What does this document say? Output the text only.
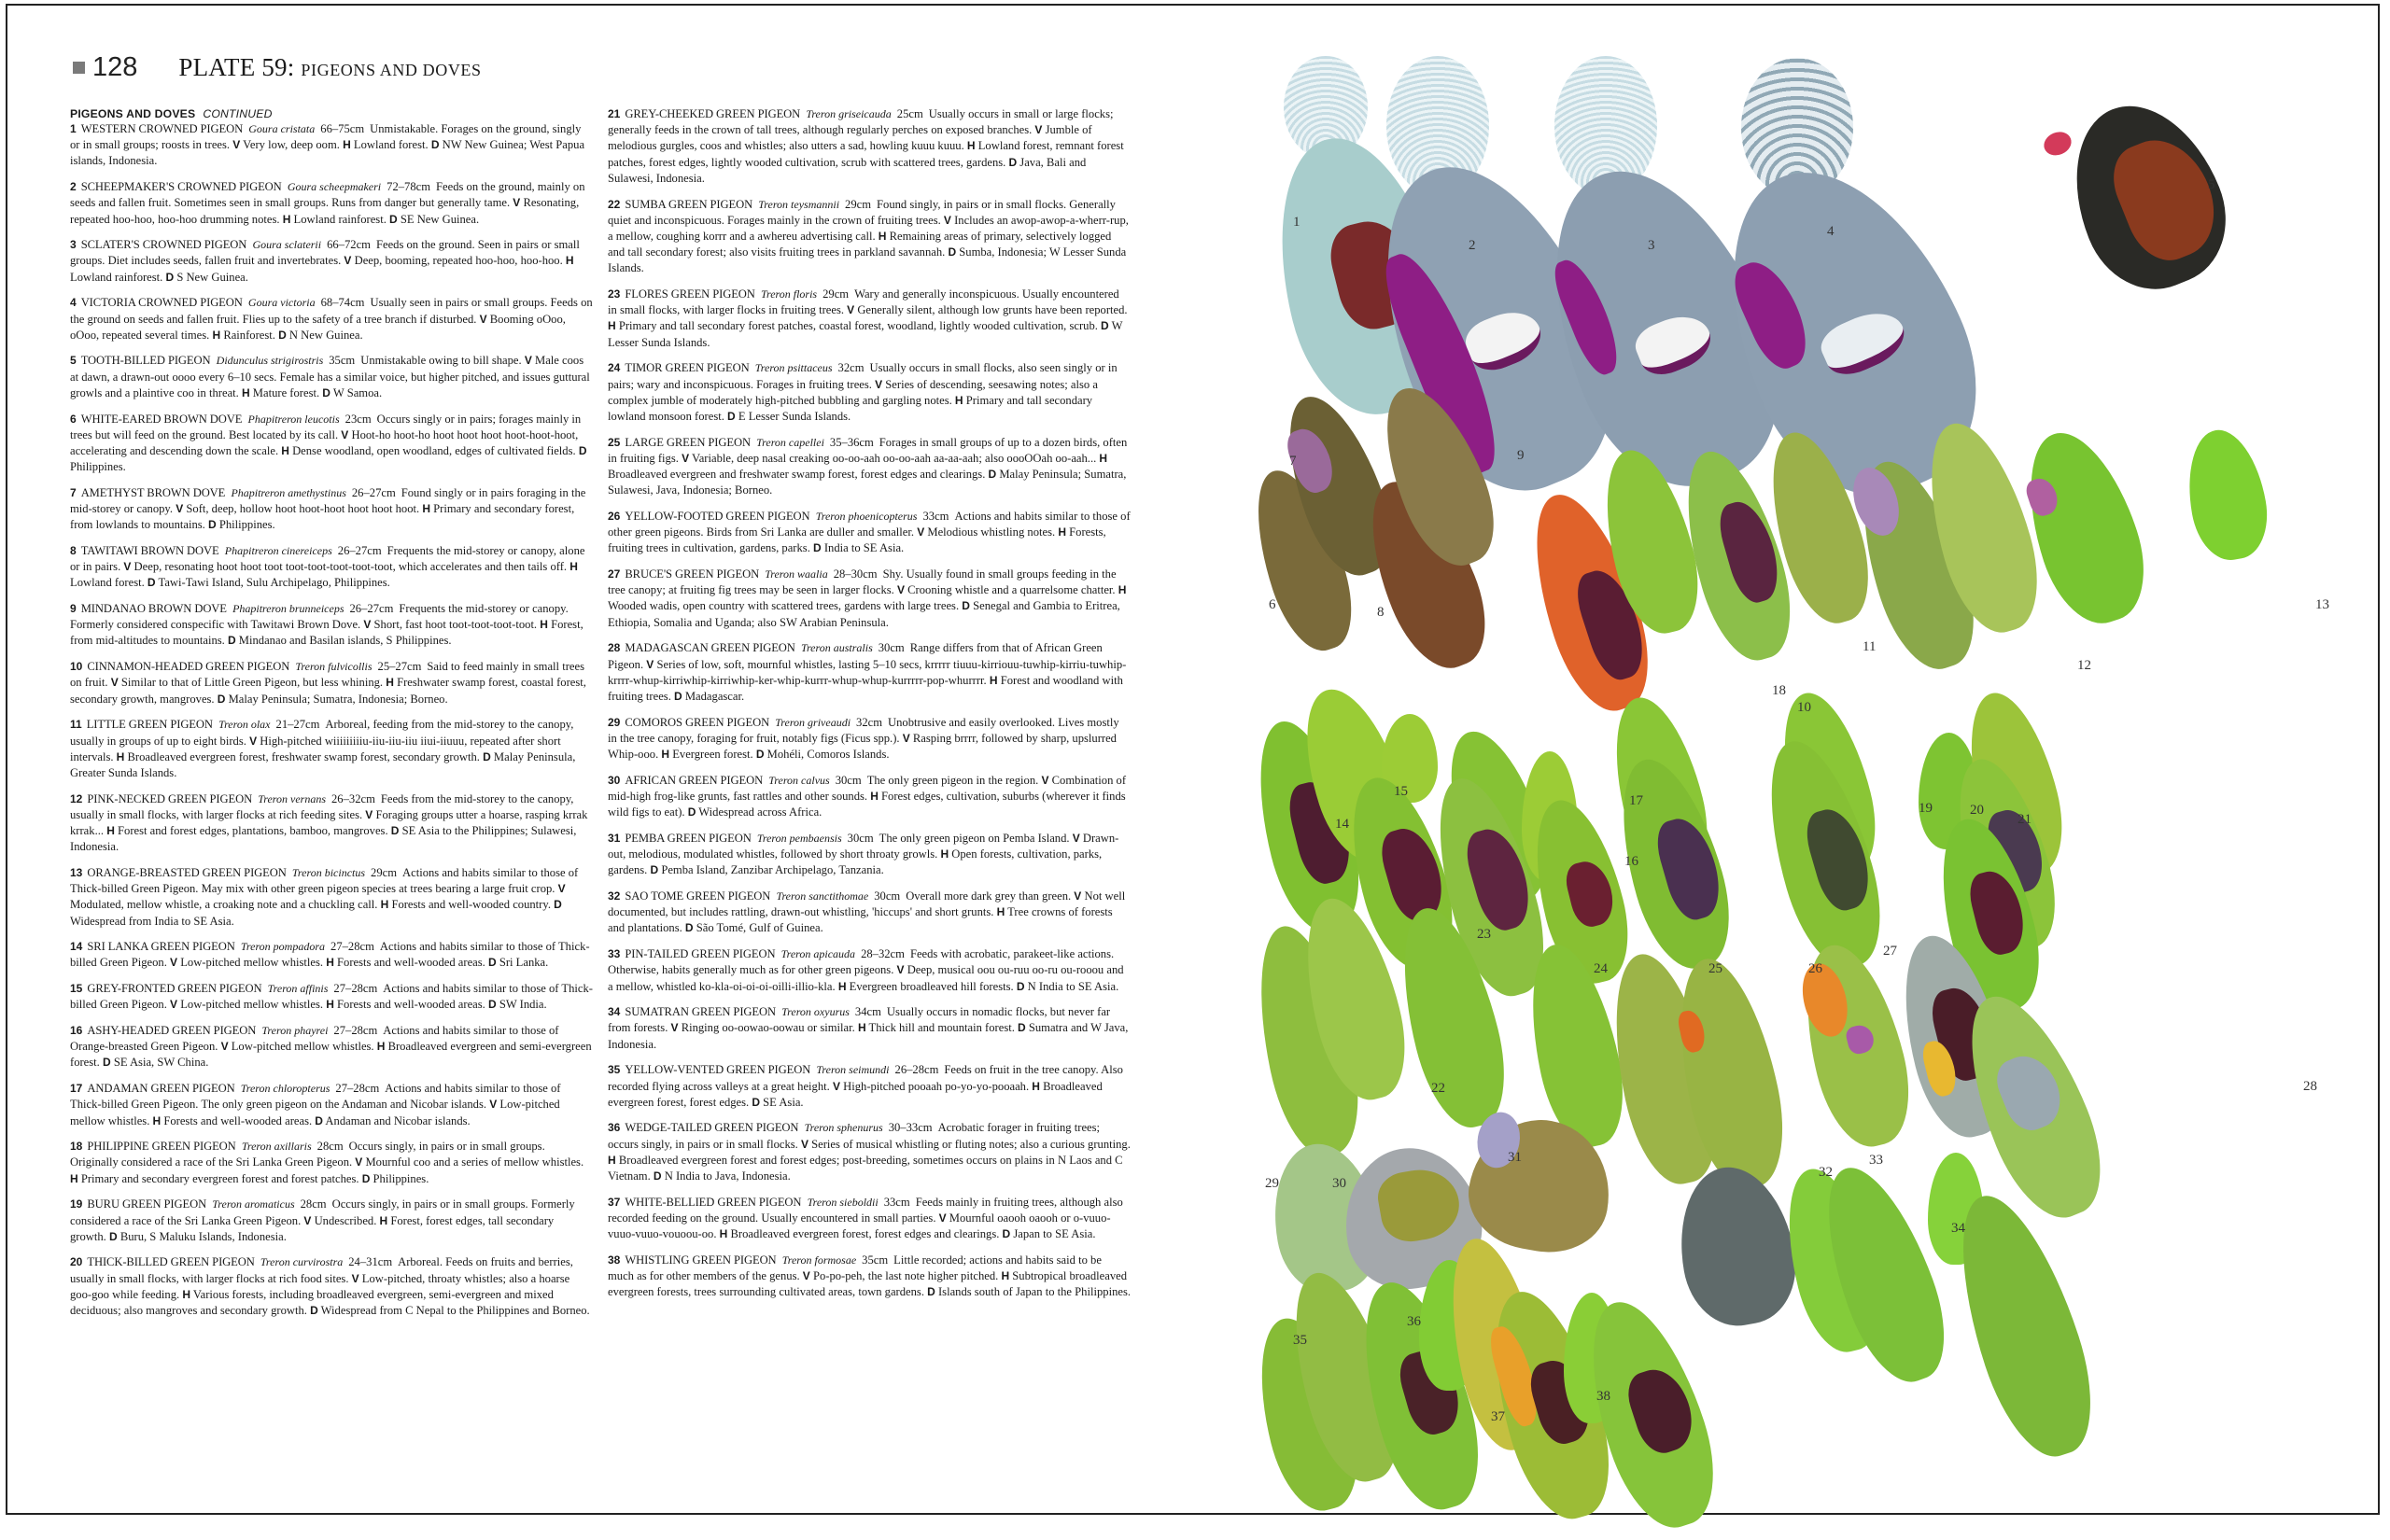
128 PLATE 59: PIGEONS AND DOVES
PIGEONS AND DOVES CONTINUED

1 WESTERN CROWNED PIGEON Goura cristata 66–75cm Unmistakable. Forages on the ground, singly or in small groups; roosts in trees. V Very low, deep oom. H Lowland forest. D NW New Guinea; West Papua islands, Indonesia.

2 SCHEEPMAKER'S CROWNED PIGEON Goura scheepmakeri 72–78cm Feeds on the ground, mainly on seeds and fallen fruit. Sometimes seen in small groups. Runs from danger but generally tame. V Resonating, repeated hoo-hoo, hoo-hoo drumming notes. H Lowland rainforest. D SE New Guinea.

3 SCLATER'S CROWNED PIGEON Goura sclaterii 66–72cm Feeds on the ground. Seen in pairs or small groups. Diet includes seeds, fallen fruit and invertebrates. V Deep, booming, repeated hoo-hoo, hoo-hoo. H Lowland rainforest. D S New Guinea.

4 VICTORIA CROWNED PIGEON Goura victoria 68–74cm Usually seen in pairs or small groups. Feeds on the ground on seeds and fallen fruit. Flies up to the safety of a tree branch if disturbed. V Booming oOoo, oOoo, repeated several times. H Rainforest. D N New Guinea.

5 TOOTH-BILLED PIGEON Didunculus strigirostris 35cm Unmistakable owing to bill shape. V Male coos at dawn, a drawn-out oooo every 6–10 secs. Female has a similar voice, but higher pitched, and issues guttural growls and a plaintive coo in threat. H Mature forest. D W Samoa.

6 WHITE-EARED BROWN DOVE Phapitreron leucotis 23cm Occurs singly or in pairs; forages mainly in trees but will feed on the ground. Best located by its call. V Hoot-ho hoot-ho hoot hoot hoot hoot-hoot-hoot, accelerating and descending down the scale. H Dense woodland, open woodland, edges of cultivated fields. D Philippines.

7 AMETHYST BROWN DOVE Phapitreron amethystinus 26–27cm Found singly or in pairs foraging in the mid-storey or canopy. V Soft, deep, hollow hoot hoot-hoot hoot hoot hoot. H Primary and secondary forest, from lowlands to mountains. D Philippines.

8 TAWITAWI BROWN DOVE Phapitreron cinereiceps 26–27cm Frequents the mid-storey or canopy, alone or in pairs. V Deep, resonating hoot hoot toot toot-toot-toot-toot-toot, which accelerates and then tails off. H Lowland forest. D Tawi-Tawi Island, Sulu Archipelago, Philippines.

9 MINDANAO BROWN DOVE Phapitreron brunneiceps 26–27cm Frequents the mid-storey or canopy. Formerly considered conspecific with Tawitawi Brown Dove. V Short, fast hoot toot-toot-toot-toot. H Forest, from mid-altitudes to mountains. D Mindanao and Basilan islands, S Philippines.

10 CINNAMON-HEADED GREEN PIGEON Treron fulvicollis 25–27cm Said to feed mainly in small trees on fruit. V Similar to that of Little Green Pigeon, but less whining. H Freshwater swamp forest, coastal forest, secondary growth, mangroves. D Malay Peninsula; Sumatra, Indonesia; Borneo.

11 LITTLE GREEN PIGEON Treron olax 21–27cm Arboreal, feeding from the mid-storey to the canopy, usually in groups of up to eight birds. V High-pitched wiiiiiiiiiu-iiu-iiu-iiu iiui-iiuuu, repeated after short intervals. H Broadleaved evergreen forest, freshwater swamp forest, secondary growth. D Malay Peninsula, Greater Sunda Islands.

12 PINK-NECKED GREEN PIGEON Treron vernans 26–32cm Feeds from the mid-storey to the canopy, usually in small flocks, with larger flocks at rich feeding sites. V Foraging groups utter a hoarse, rasping krrak krrak... H Forest and forest edges, plantations, bamboo, mangroves. D SE Asia to the Philippines; Sulawesi, Indonesia.

13 ORANGE-BREASTED GREEN PIGEON Treron bicinctus 29cm Actions and habits similar to those of Thick-billed Green Pigeon. May mix with other green pigeon species at trees bearing a large fruit crop. V Modulated, mellow whistle, a croaking note and a chuckling call. H Forests and well-wooded country. D Widespread from India to SE Asia.

14 SRI LANKA GREEN PIGEON Treron pompadora 27–28cm Actions and habits similar to those of Thick-billed Green Pigeon. V Low-pitched mellow whistles. H Forests and well-wooded areas. D Sri Lanka.

15 GREY-FRONTED GREEN PIGEON Treron affinis 27–28cm Actions and habits similar to those of Thick-billed Green Pigeon. V Low-pitched mellow whistles. H Forests and well-wooded areas. D SW India.

16 ASHY-HEADED GREEN PIGEON Treron phayrei 27–28cm Actions and habits similar to those of Orange-breasted Green Pigeon. V Low-pitched mellow whistles. H Broadleaved evergreen and semi-evergreen forest. D SE Asia, SW China.

17 ANDAMAN GREEN PIGEON Treron chloropterus 27–28cm Actions and habits similar to those of Thick-billed Green Pigeon. The only green pigeon on the Andaman and Nicobar islands. V Low-pitched mellow whistles. H Forests and well-wooded areas. D Andaman and Nicobar islands.

18 PHILIPPINE GREEN PIGEON Treron axillaris 28cm Occurs singly, in pairs or in small groups. Originally considered a race of the Sri Lanka Green Pigeon. V Mournful coo and a series of mellow whistles. H Primary and secondary evergreen forest and forest patches. D Philippines.

19 BURU GREEN PIGEON Treron aromaticus 28cm Occurs singly, in pairs or in small groups. Formerly considered a race of the Sri Lanka Green Pigeon. V Undescribed. H Forest, forest edges, tall secondary growth. D Buru, S Maluku Islands, Indonesia.

20 THICK-BILLED GREEN PIGEON Treron curvirostra 24–31cm Arboreal. Feeds on fruits and berries, usually in small flocks, with larger flocks at rich food sites. V Low-pitched, throaty whistles; also a hoarse goo-goo while feeding. H Various forests, including broadleaved evergreen, semi-evergreen and mixed deciduous; also mangroves and secondary growth. D Widespread from C Nepal to the Philippines and Borneo.

21 GREY-CHEEKED GREEN PIGEON Treron griseicauda 25cm Usually occurs in small or large flocks; generally feeds in the crown of tall trees, although regularly perches on exposed branches. V Jumble of melodious gurgles, coos and whistles; also utters a sad, howling kuuu kuuu. H Lowland forest, remnant forest patches, forest edges, lightly wooded cultivation, scrub with scattered trees, gardens. D Java, Bali and Sulawesi, Indonesia.

22 SUMBA GREEN PIGEON Treron teysmannii 29cm Found singly, in pairs or in small flocks. Generally quiet and inconspicuous. Forages mainly in the crown of fruiting trees. V Includes an awop-awop-a-wherr-rup, a mellow, coughing korrr and a awhereu advertising call. H Remaining areas of primary, selectively logged and tall secondary forest; also visits fruiting trees in parkland savannah. D Sumba, Indonesia; W Lesser Sunda Islands.

23 FLORES GREEN PIGEON Treron floris 29cm Wary and generally inconspicuous. Usually encountered in small flocks, with larger flocks in fruiting trees. V Generally silent, although low grunts have been reported. H Primary and tall secondary forest patches, coastal forest, woodland, lightly wooded cultivation, scrub. D W Lesser Sunda Islands.

24 TIMOR GREEN PIGEON Treron psittaceus 32cm Usually occurs in small flocks, also seen singly or in pairs; wary and inconspicuous. Forages in fruiting trees. V Series of descending, seesawing notes; also a complex jumble of moderately high-pitched bubbling and gargling notes. H Primary and tall secondary lowland monsoon forest. D E Lesser Sunda Islands.

25 LARGE GREEN PIGEON Treron capellei 35–36cm Forages in small groups of up to a dozen birds, often in fruiting figs. V Variable, deep nasal creaking oo-oo-aah oo-oo-aah aa-aa-aah; also oooOOah oo-aah... H Broadleaved evergreen and freshwater swamp forest, forest edges and clearings. D Malay Peninsula; Sumatra, Sulawesi, Java, Indonesia; Borneo.

26 YELLOW-FOOTED GREEN PIGEON Treron phoenicopterus 33cm Actions and habits similar to those of other green pigeons. Birds from Sri Lanka are duller and smaller. V Melodious whistling notes. H Forests, fruiting trees in cultivation, gardens, parks. D India to SE Asia.

27 BRUCE'S GREEN PIGEON Treron waalia 28–30cm Shy. Usually found in small groups feeding in the tree canopy; at fruiting fig trees may be seen in larger flocks. V Crooning whistle and a quarrelsome chatter. H Wooded wadis, open country with scattered trees, gardens with large trees. D Senegal and Gambia to Eritrea, Ethiopia, Somalia and Uganda; also SW Arabian Peninsula.

28 MADAGASCAN GREEN PIGEON Treron australis 30cm Range differs from that of African Green Pigeon. V Series of low, soft, mournful whistles, lasting 5–10 secs, krrrrr tiuuu-kirriouu-tuwhip-kirriu-tuwhip-krrrr-whup-kirriwhip-kirriwhip-ker-whip-kurrr-whup-whup-kurrrrr-pop-whurrrr. H Forest and woodland with fruiting trees. D Madagascar.

29 COMOROS GREEN PIGEON Treron griveaudi 32cm Unobtrusive and easily overlooked. Lives mostly in the tree canopy, foraging for fruit, notably figs (Ficus spp.). V Rasping brrrr, followed by sharp, upslurred Whip-ooo. H Evergreen forest. D Mohéli, Comoros Islands.

30 AFRICAN GREEN PIGEON Treron calvus 30cm The only green pigeon in the region. V Combination of mid-high frog-like grunts, fast rattles and other sounds. H Forest edges, cultivation, suburbs (wherever it finds wild figs to eat). D Widespread across Africa.

31 PEMBA GREEN PIGEON Treron pembaensis 30cm The only green pigeon on Pemba Island. V Drawn-out, melodious, modulated whistles, followed by short throaty growls. H Open forests, cultivation, parks, gardens. D Pemba Island, Zanzibar Archipelago, Tanzania.

32 SAO TOME GREEN PIGEON Treron sanctithomae 30cm Overall more dark grey than green. V Not well documented, but includes rattling, drawn-out whistling, 'hiccups' and short grunts. H Tree crowns of forests and plantations. D São Tomé, Gulf of Guinea.

33 PIN-TAILED GREEN PIGEON Treron apicauda 28–32cm Feeds with acrobatic, parakeet-like actions. Otherwise, habits generally much as for other green pigeons. V Deep, musical oou ou-ruu oo-ru ou-rooou and a mellow, whistled ko-kla-oi-oi-oi-oilli-illio-kla. H Evergreen broadleaved hill forests. D N India to SE Asia.

34 SUMATRAN GREEN PIGEON Treron oxyurus 34cm Usually occurs in nomadic flocks, but never far from forests. V Ringing oo-oowao-oowau or similar. H Thick hill and mountain forest. D Sumatra and W Java, Indonesia.

35 YELLOW-VENTED GREEN PIGEON Treron seimundi 26–28cm Feeds on fruit in the tree canopy. Also recorded flying across valleys at a great height. V High-pitched pooaah po-yo-yo-pooaah. H Broadleaved evergreen forest, forest edges. D SE Asia.

36 WEDGE-TAILED GREEN PIGEON Treron sphenurus 30–33cm Acrobatic forager in fruiting trees; occurs singly, in pairs or in small flocks. V Series of musical whistling or fluting notes; also a curious grunting. H Broadleaved evergreen forest and forest edges; post-breeding, sometimes occurs on plains in N Laos and C Vietnam. D N India to Java, Indonesia.

37 WHITE-BELLIED GREEN PIGEON Treron sieboldii 33cm Feeds mainly in fruiting trees, although also recorded feeding on the ground. Usually encountered in small parties. V Mournful oaooh oaooh or o-vuuo-vuuo-vuuo-vouoou-oo. H Broadleaved evergreen forest, forest edges and clearings. D Japan to SE Asia.

38 WHISTLING GREEN PIGEON Treron formosae 35cm Little recorded; actions and habits said to be much as for other members of the genus. V Po-po-peh, the last note higher pitched. H Subtropical broadleaved evergreen forests, trees surrounding cultivated areas, town gardens. D Islands south of Japan to the Philippines.

1
2	3
4
5
6
7
8
9
10
11
12
13
14
15
16
17
18
19	20
21
22
23
24	25	26
27
28
29	30
31
32
33
34
35
36
37
38
